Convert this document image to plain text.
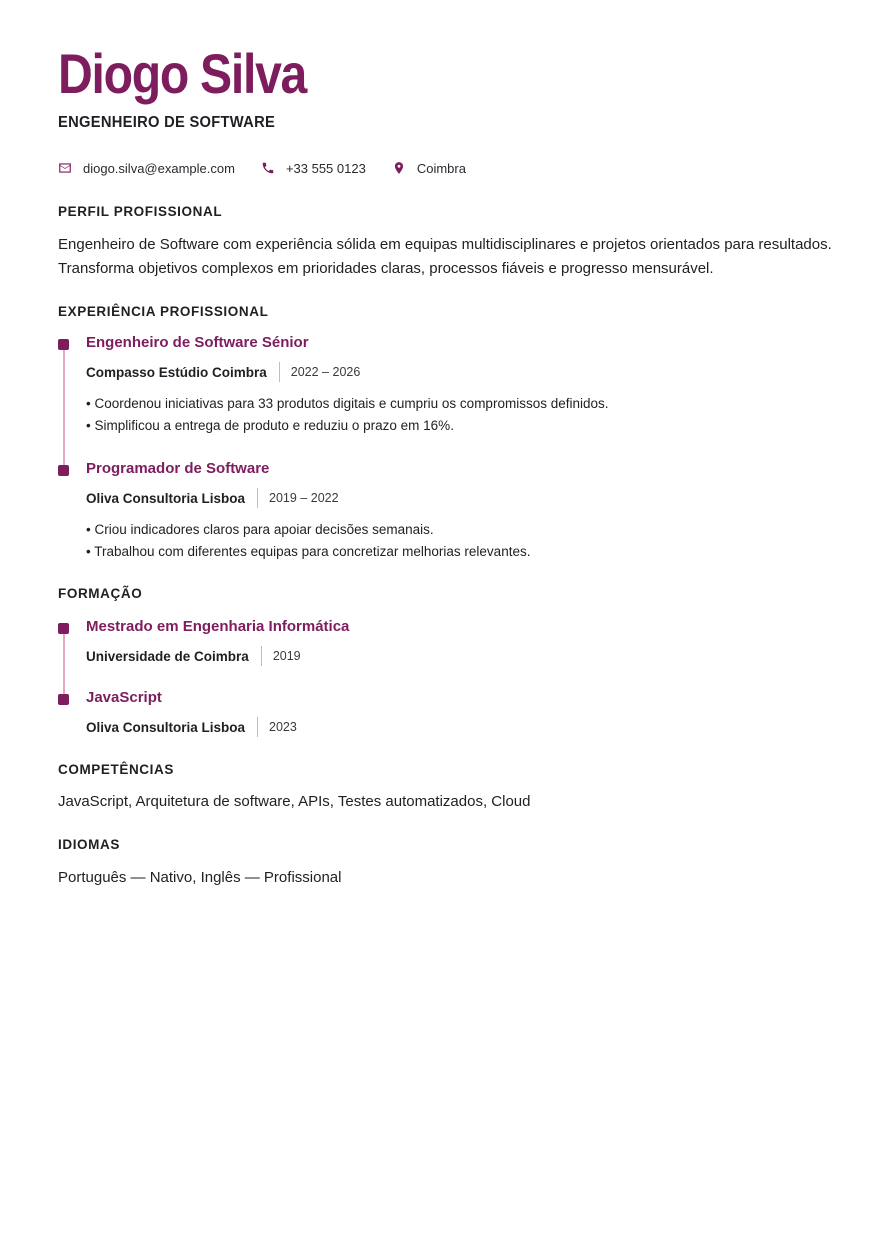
Diogo Silva
ENGENHEIRO DE SOFTWARE
diogo.silva@example.com	+33 555 0123	Coimbra
PERFIL PROFISSIONAL
Engenheiro de Software com experiência sólida em equipas multidisciplinares e projetos orientados para resultados.
Transforma objetivos complexos em prioridades claras, processos fiáveis e progresso mensurável.
EXPERIÊNCIA PROFISSIONAL
Engenheiro de Software Sénior
Compasso Estúdio Coimbra 2022 – 2026
• Coordenou iniciativas para 33 produtos digitais e cumpriu os compromissos definidos.
• Simplificou a entrega de produto e reduziu o prazo em 16%.
Programador de Software
Oliva Consultoria Lisboa 2019 – 2022
• Criou indicadores claros para apoiar decisões semanais.
• Trabalhou com diferentes equipas para concretizar melhorias relevantes.
FORMAÇÃO
Mestrado em Engenharia Informática
Universidade de Coimbra 2019
JavaScript
Oliva Consultoria Lisboa 2023
COMPETÊNCIAS
JavaScript, Arquitetura de software, APIs, Testes automatizados, Cloud
IDIOMAS
Português — Nativo, Inglês — Profissional
